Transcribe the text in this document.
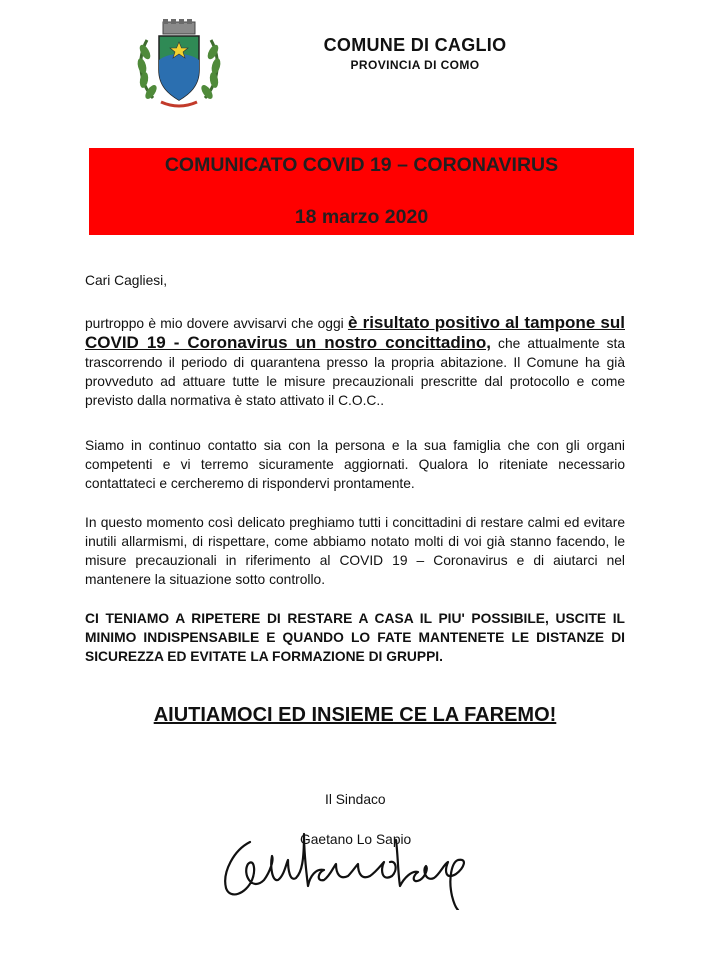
COMUNE DI CAGLIO
PROVINCIA DI COMO
COMUNICATO COVID 19 – CORONAVIRUS
18 marzo 2020
Cari Cagliesi,
purtroppo è mio dovere avvisarvi che oggi è risultato positivo al tampone sul COVID 19 - Coronavirus un nostro concittadino, che attualmente sta trascorrendo il periodo di quarantena presso la propria abitazione. Il Comune ha già provveduto ad attuare tutte le misure precauzionali prescritte dal protocollo e come previsto dalla normativa è stato attivato il C.O.C..
Siamo in continuo contatto sia con la persona e la sua famiglia che con gli organi competenti e vi terremo sicuramente aggiornati. Qualora lo riteniate necessario contattateci e cercheremo di rispondervi prontamente.
In questo momento così delicato preghiamo tutti i concittadini di restare calmi ed evitare inutili allarmismi, di rispettare, come abbiamo notato molti di voi già stanno facendo, le misure precauzionali in riferimento al COVID 19 – Coronavirus e di aiutarci nel mantenere la situazione sotto controllo.
CI TENIAMO A RIPETERE DI RESTARE A CASA IL PIU' POSSIBILE, USCITE IL MINIMO INDISPENSABILE E QUANDO LO FATE MANTENETE LE DISTANZE DI SICUREZZA ED EVITATE LA FORMAZIONE DI GRUPPI.
AIUTIAMOCI ED INSIEME CE LA FAREMO!
Il Sindaco
Gaetano Lo Sapio
